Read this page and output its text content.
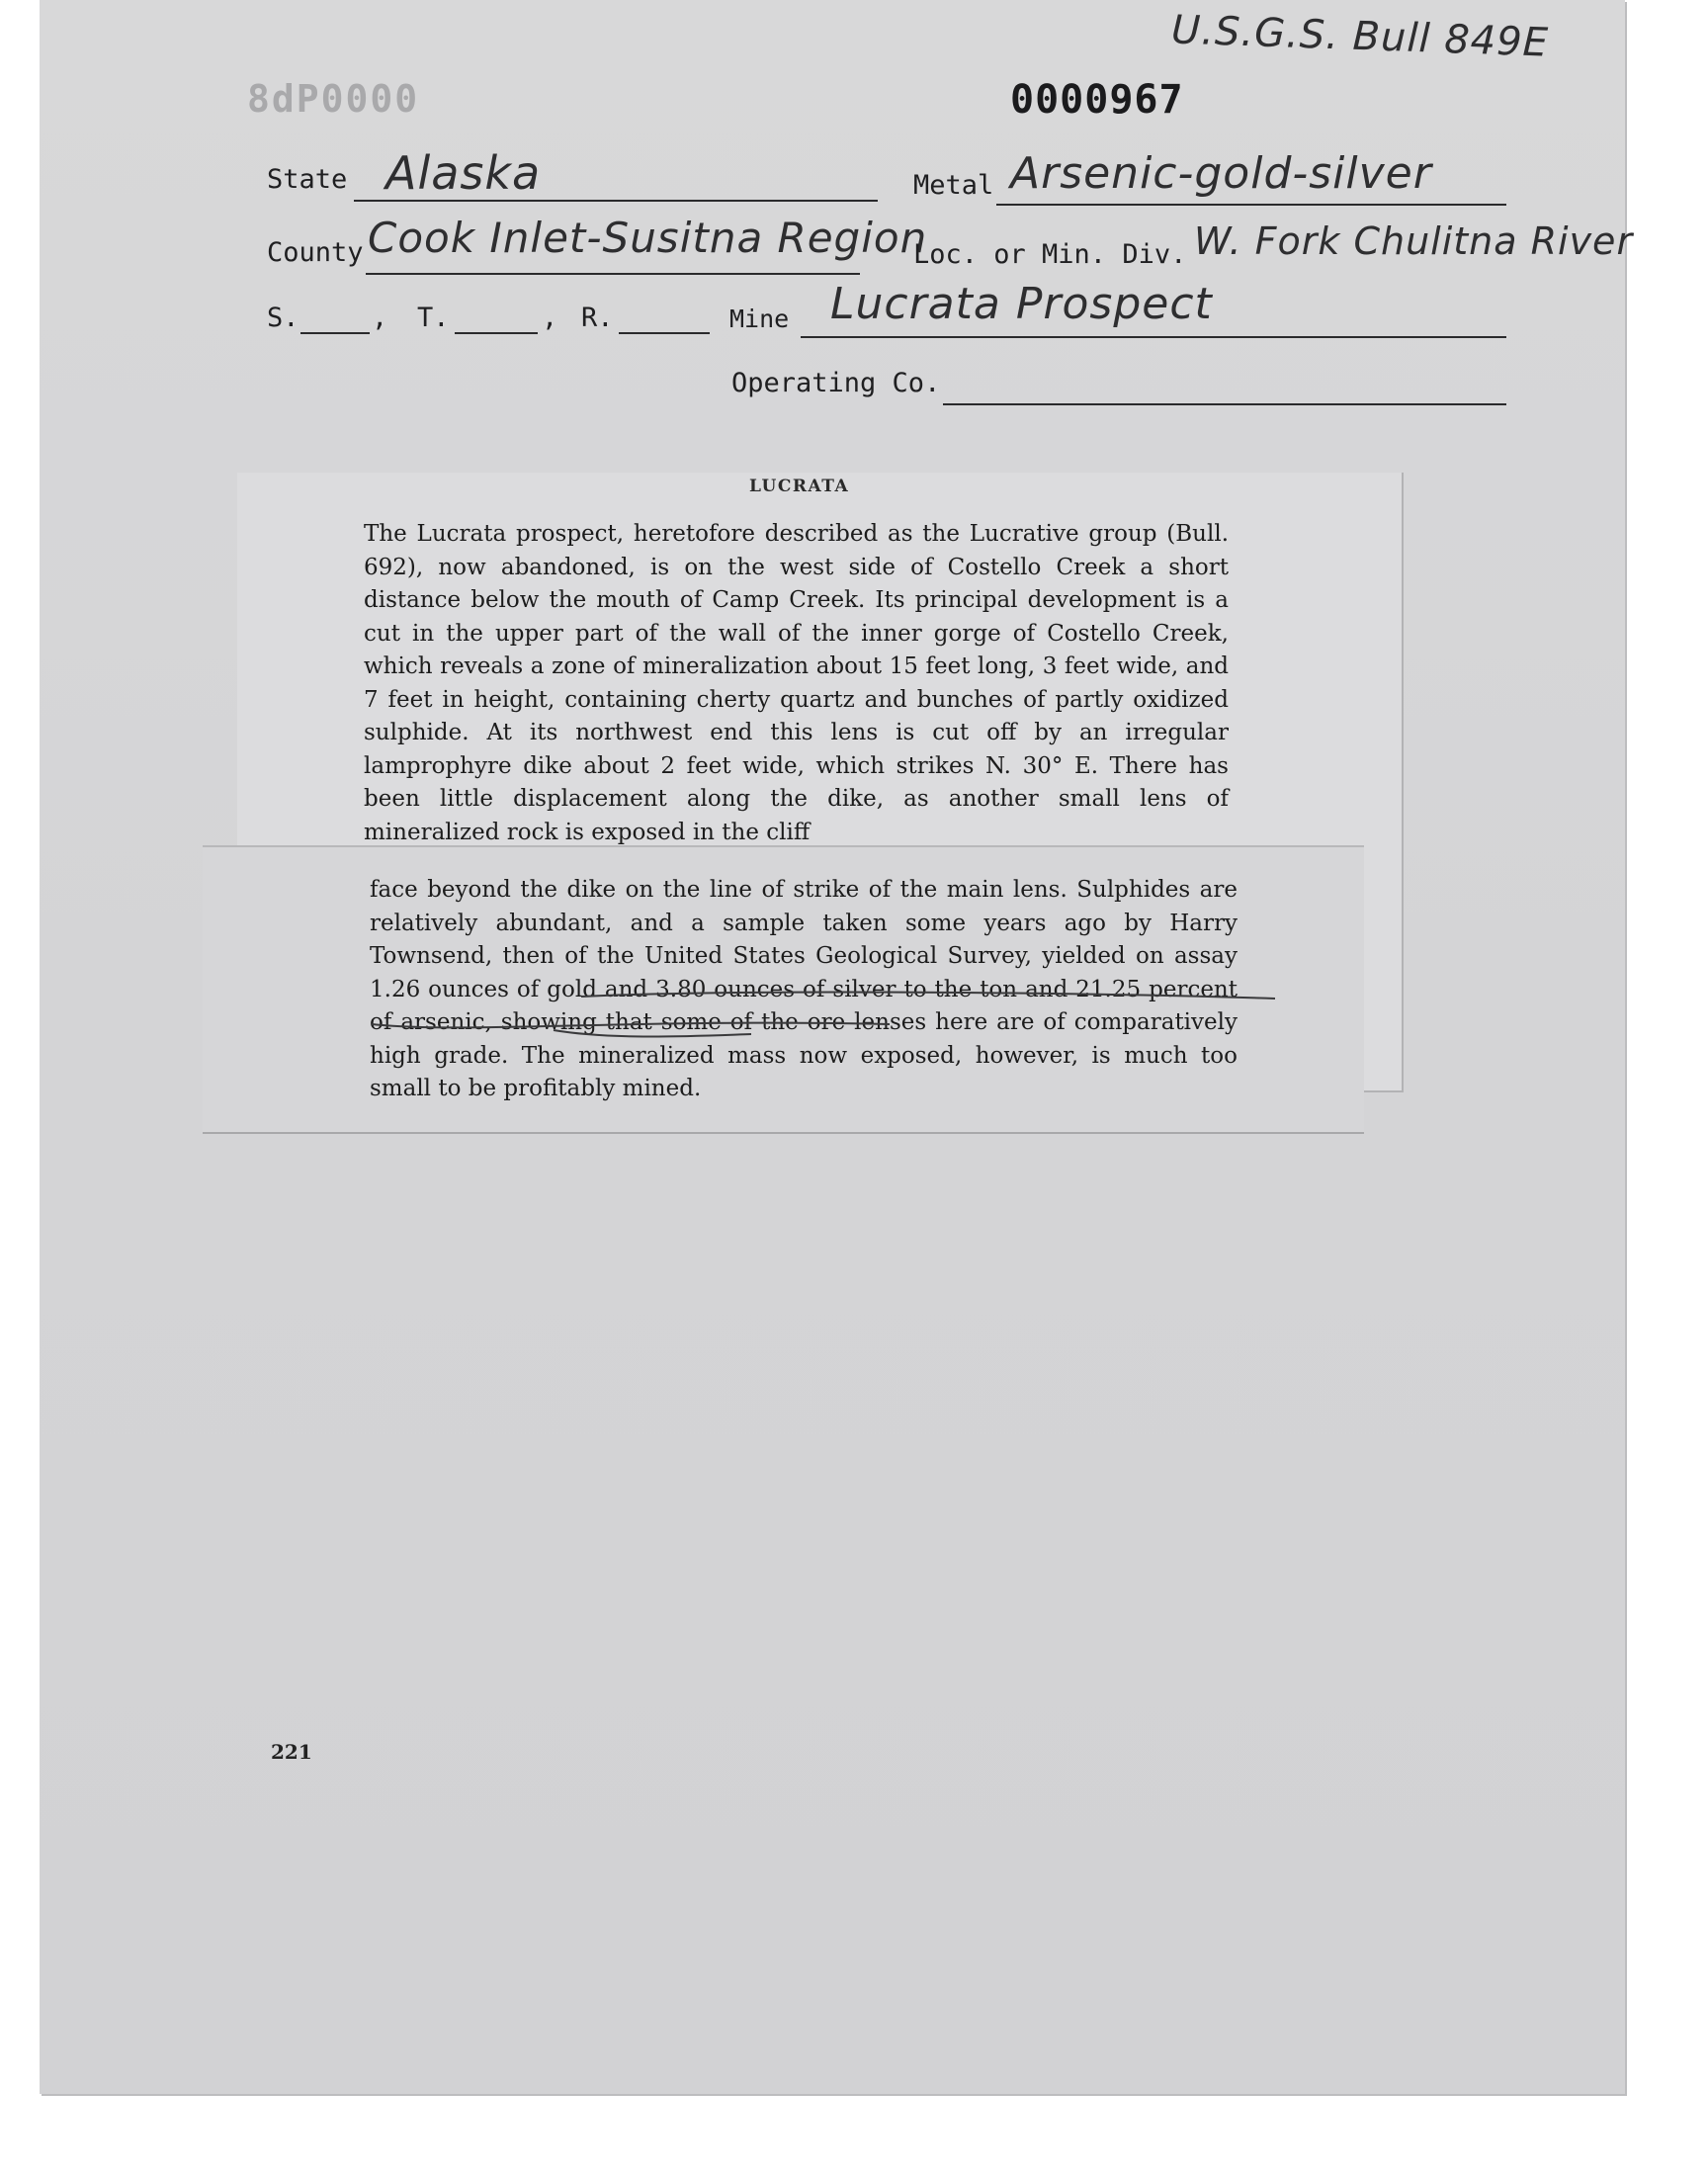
U.S.G.S. Bull 849E
8dP0000	0000967
State Alaska	Metal Arsenic-gold-silver
County Cook Inlet-Susitna Region
Loc. or Min. Div. W. Fork Chulitna River
S.	, T.	, R.	Mine Lucrata Prospect
Operating Co.
LUCRATA
The Lucrata prospect, heretofore described as the Lucrative group (Bull. 692), now abandoned, is on the west side of Costello Creek a short distance below the mouth of Camp Creek. Its principal development is a cut in the upper part of the wall of the inner gorge of Costello Creek, which reveals a zone of mineralization about 15 feet long, 3 feet wide, and 7 feet in height, containing cherty quartz and bunches of partly oxidized sulphide. At its northwest end this lens is cut off by an irregular lamprophyre dike about 2 feet wide, which strikes N. 30° E. There has been little displacement along the dike, as another small lens of mineralized rock is exposed in the cliff
face beyond the dike on the line of strike of the main lens. Sulphides are relatively abundant, and a sample taken some years ago by Harry Townsend, then of the United States Geological Survey, yielded on assay 1.26 ounces of gold and 3.80 ounces of silver to the ton and 21.25 percent of arsenic, showing that some of the ore lenses here are of comparatively high grade. The mineralized mass now exposed, however, is much too small to be profitably mined.
221
